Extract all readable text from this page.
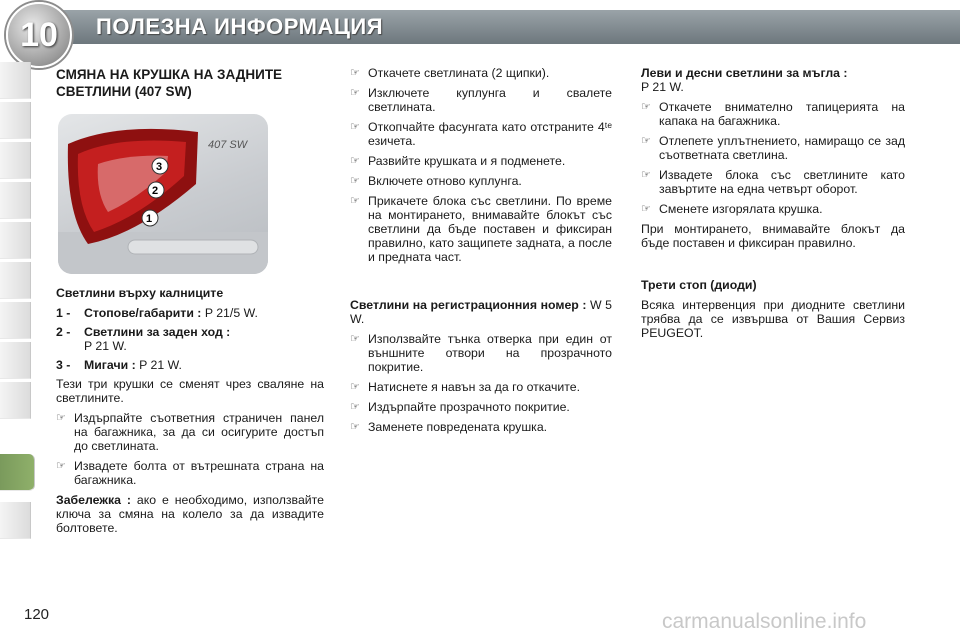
10	ПОЛЕЗНА ИНФОРМАЦИЯ
СМЯНА НА КРУШКА НА ЗАДНИТЕ СВЕТЛИНИ (407 SW)
407 SW
3
2
1

Светлини върху калниците

1 -	Стопове/габарити : P 21/5 W.
2 -	Светлини за заден ход :
P 21 W.
3 -	Мигачи : P 21 W.

Тези три крушки се сменят чрез сваляне на светлините.

☞ Издърпайте съответния страничен панел на багажника, за да си осигурите достъп до светлината.
☞ Извадете болта от вътрешната страна на багажника.

Забележка : ако е необходимо, използвайте ключа за смяна на колело за да извадите болтовете.

☞ Откачете светлината (2 щипки).
☞ Изключете куплунга и свалете светлината.
☞ Откопчайте фасунгата като отстраните 4ᵗᵉ езичета.
☞ Развийте крушката и я подменете.
☞ Включете отново куплунга.
☞ Прикачете блока със светлини. По време на монтирането, внимавайте блокът със светлини да бъде поставен и фиксиран правилно, като защипете задната, а после и предната част.

Светлини на регистрационния номер : W 5 W.

☞ Използвайте тънка отверка при един от външните отвори на прозрачното покритие.
☞ Натиснете я навън за да го откачите.
☞ Издърпайте прозрачното покритие.
☞ Заменете повредената крушка.

Леви и десни светлини за мъгла :
P 21 W.

☞ Откачете внимателно тапицерията на капака на багажника.
☞ Отлепете уплътнението, намиращо се зад съответната светлина.
☞ Извадете блока със светлините като завъртите на една четвърт оборот.
☞ Сменете изгорялата крушка.

При монтирането, внимавайте блокът да бъде поставен и фиксиран правилно.

Трети стоп (диоди)

Всяка интервенция при диодните светлини трябва да се извършва от Вашия Сервиз PEUGEOT.

120	carmanualsonline.info
